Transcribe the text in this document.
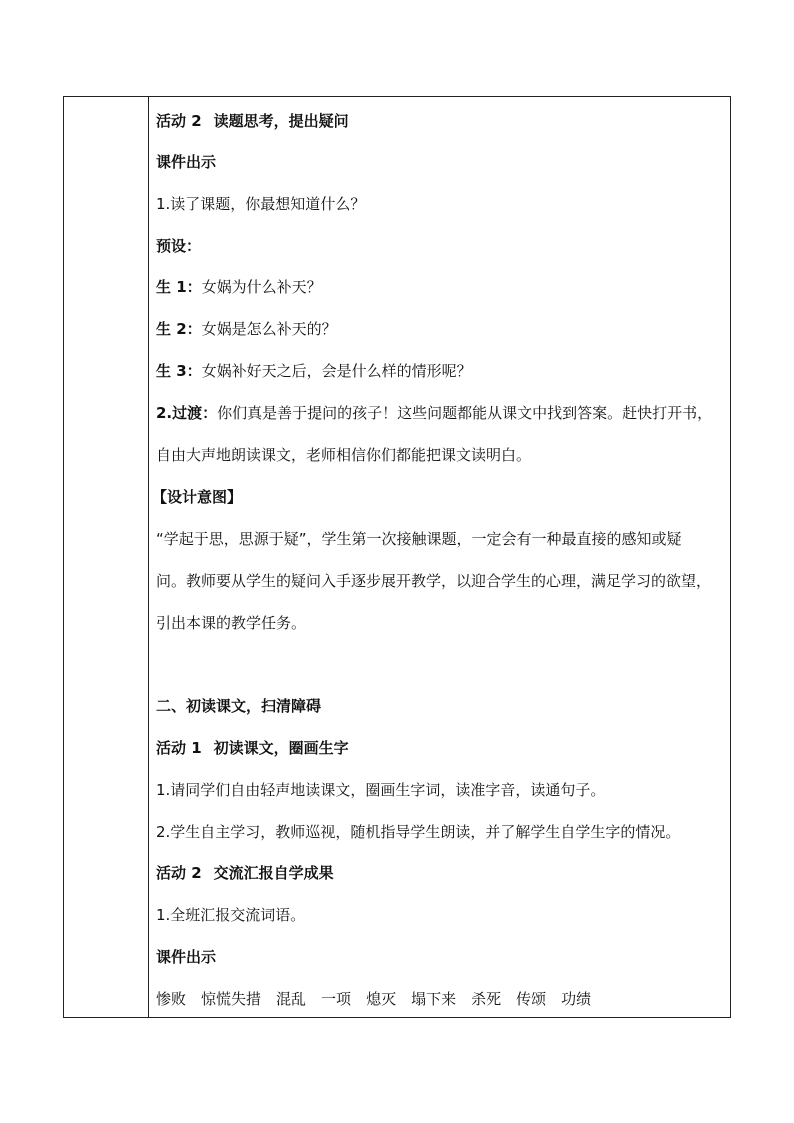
活动 2 读题思考，提出疑问
课件出示
1.读了课题，你最想知道什么？
预设：
生 1：女娲为什么补天？
生 2：女娲是怎么补天的？
生 3：女娲补好天之后，会是什么样的情形呢？
2.过渡：你们真是善于提问的孩子！这些问题都能从课文中找到答案。赶快打开书，
自由大声地朗读课文，老师相信你们都能把课文读明白。
【设计意图】
“学起于思，思源于疑”，学生第一次接触课题，一定会有一种最直接的感知或疑
问。教师要从学生的疑问入手逐步展开教学，以迎合学生的心理，满足学习的欲望，
引出本课的教学任务。
二、初读课文，扫清障碍
活动 1 初读课文，圈画生字
1.请同学们自由轻声地读课文，圈画生字词，读准字音，读通句子。
2.学生自主学习，教师巡视，随机指导学生朗读，并了解学生自学生字的情况。
活动 2 交流汇报自学成果
1.全班汇报交流词语。
课件出示
惨败 惊慌失措 混乱 一项 熄灭 塌下来 杀死 传颂 功绩
